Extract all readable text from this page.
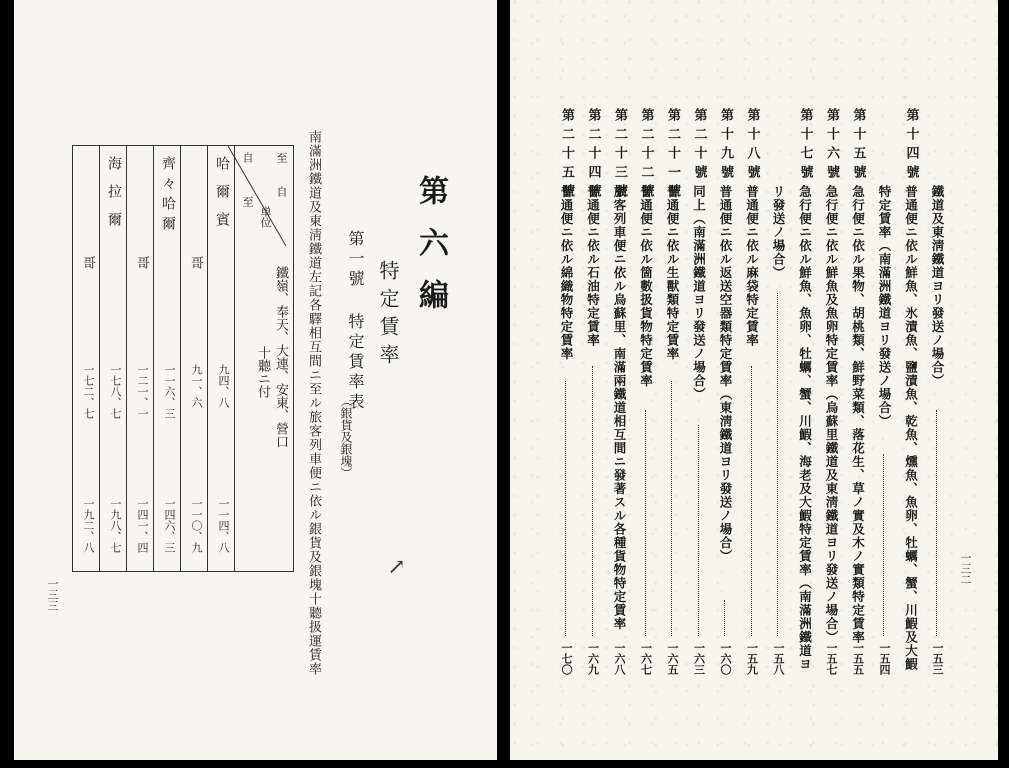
第六編
特定賃率
第一號 特定賃率表
（銀貨及銀塊）
南滿洲鐵道及東淸鐵道左記各驛相互間ニ至ル旅客列車便ニ依ル銀貨及銀塊十聽扱運賃率
哥
一七二、七
一九二、八

海拉爾
一七八、七
一九八、七

哥
一二一、一
一四一、四

齊々哈爾
一一六、三
一四六、三

哥
九一、六
一一〇、九

哈爾賓
九四、八
一一四、八

自
至
単位
至
自
鐵嶺、奉天、大連、安東、營口
十聽ニ付
↗
一三三
一三二
鐵道及東淸鐵道ヨリ發送ノ場合）
一五三
第十四號
普通便ニ依ル鮮魚、氷漬魚、鹽漬魚、乾魚、燻魚、魚卵、牡蠣、蟹、川鰕及大鰕
特定賃率（南滿洲鐵道ヨリ發送ノ場合）
一五四
第十五號
急行便ニ依ル果物、胡桃類、鮮野菜類、落花生、草ノ實及木ノ實類特定賃率
一五五
第十六號
急行便ニ依ル鮮魚及魚卵特定賃率（烏蘇里鐵道及東淸鐵道ヨリ發送ノ場合）
一五七
第十七號
急行便ニ依ル鮮魚、魚卵、牡蠣、蟹、川鰕、海老及大鰕特定賃率（南滿洲鐵道ヨ
リ發送ノ場合）
一五八
第十八號
普通便ニ依ル麻袋特定賃率
一五九
第十九號
普通便ニ依ル返送空器類特定賃率（東淸鐵道ヨリ發送ノ場合）
一六〇
第二十號
同上（南滿洲鐵道ヨリ發送ノ場合）
一六三
第二十一號
普通便ニ依ル生獸類特定賃率
一六五
第二十二號
普通便ニ依ル箇數扱貨物特定賃率
一六七
第二十三號
旅客列車便ニ依ル烏蘇里、南滿兩鐵道相互間ニ發著スル各種貨物特定賃率
一六八
第二十四號
普通便ニ依ル石油特定賃率
一六九
第二十五號
普通便ニ依ル綿織物特定賃率
一七〇
